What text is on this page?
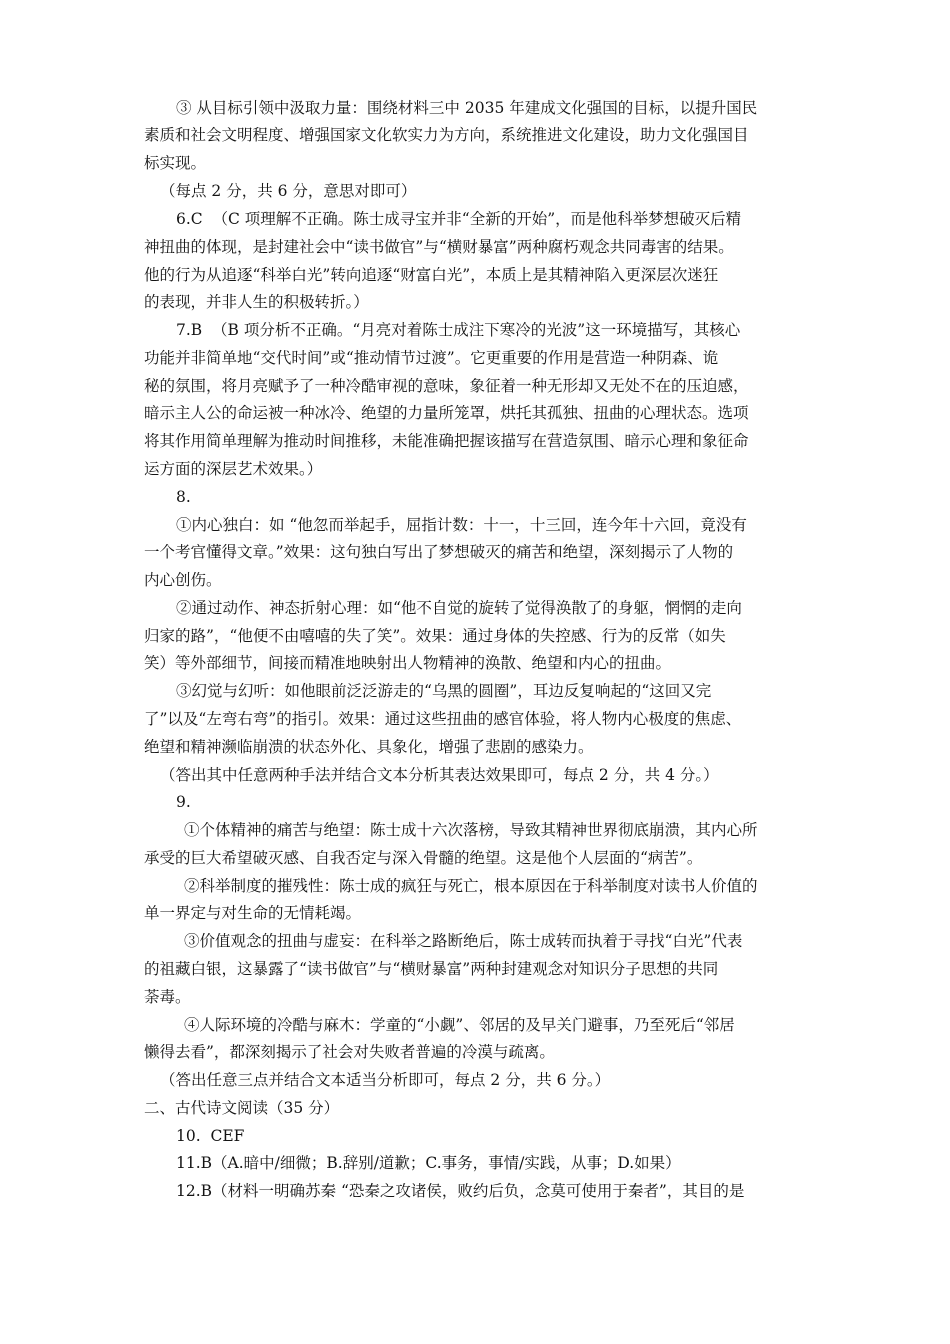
③ 从目标引领中汲取力量：围绕材料三中 2035 年建成文化强国的目标，以提升国民

素质和社会文明程度、增强国家文化软实力为方向，系统推进文化建设，助力文化强国目

标实现。

（每点 2 分，共 6 分，意思对即可）

6.C  （C 项理解不正确。陈士成寻宝并非“全新的开始”，而是他科举梦想破灭后精

神扭曲的体现，是封建社会中“读书做官”与“横财暴富”两种腐朽观念共同毒害的结果。

他的行为从追逐“科举白光”转向追逐“财富白光”，本质上是其精神陷入更深层次迷狂

的表现，并非人生的积极转折。）

7.B  （B 项分析不正确。“月亮对着陈士成注下寒冷的光波”这一环境描写，其核心

功能并非简单地“交代时间”或“推动情节过渡”。它更重要的作用是营造一种阴森、诡

秘的氛围，将月亮赋予了一种冷酷审视的意味，象征着一种无形却又无处不在的压迫感，

暗示主人公的命运被一种冰冷、绝望的力量所笼罩，烘托其孤独、扭曲的心理状态。选项

将其作用简单理解为推动时间推移，未能准确把握该描写在营造氛围、暗示心理和象征命

运方面的深层艺术效果。）

8.

①内心独白：如 “他忽而举起手，屈指计数：十一，十三回，连今年十六回，竟没有

一个考官懂得文章。”效果：这句独白写出了梦想破灭的痛苦和绝望，深刻揭示了人物的

内心创伤。

②通过动作、神态折射心理：如“他不自觉的旋转了觉得涣散了的身躯，惘惘的走向

归家的路”，“他便不由嘻嘻的失了笑”。效果：通过身体的失控感、行为的反常（如失

笑）等外部细节，间接而精准地映射出人物精神的涣散、绝望和内心的扭曲。

③幻觉与幻听：如他眼前泛泛游走的“乌黑的圆圈”，耳边反复响起的“这回又完

了”以及“左弯右弯”的指引。效果：通过这些扭曲的感官体验，将人物内心极度的焦虑、

绝望和精神濒临崩溃的状态外化、具象化，增强了悲剧的感染力。

（答出其中任意两种手法并结合文本分析其表达效果即可，每点 2 分，共 4 分。）

9.

①个体精神的痛苦与绝望：陈士成十六次落榜，导致其精神世界彻底崩溃，其内心所

承受的巨大希望破灭感、自我否定与深入骨髓的绝望。这是他个人层面的“病苦”。

②科举制度的摧残性：陈士成的疯狂与死亡，根本原因在于科举制度对读书人价值的

单一界定与对生命的无情耗竭。

③价值观念的扭曲与虚妄：在科举之路断绝后，陈士成转而执着于寻找“白光”代表

的祖藏白银，这暴露了“读书做官”与“横财暴富”两种封建观念对知识分子思想的共同

荼毒。

④人际环境的冷酷与麻木：学童的“小觑”、邻居的及早关门避事，乃至死后“邻居

懒得去看”，都深刻揭示了社会对失败者普遍的冷漠与疏离。

（答出任意三点并结合文本适当分析即可，每点 2 分，共 6 分。）

二、古代诗文阅读（35 分）

10.  CEF

11.B（A.暗中/细微；B.辞别/道歉；C.事务，事情/实践，从事；D.如果）

12.B（材料一明确苏秦 “恐秦之攻诸侯，败约后负，念莫可使用于秦者”，其目的是
